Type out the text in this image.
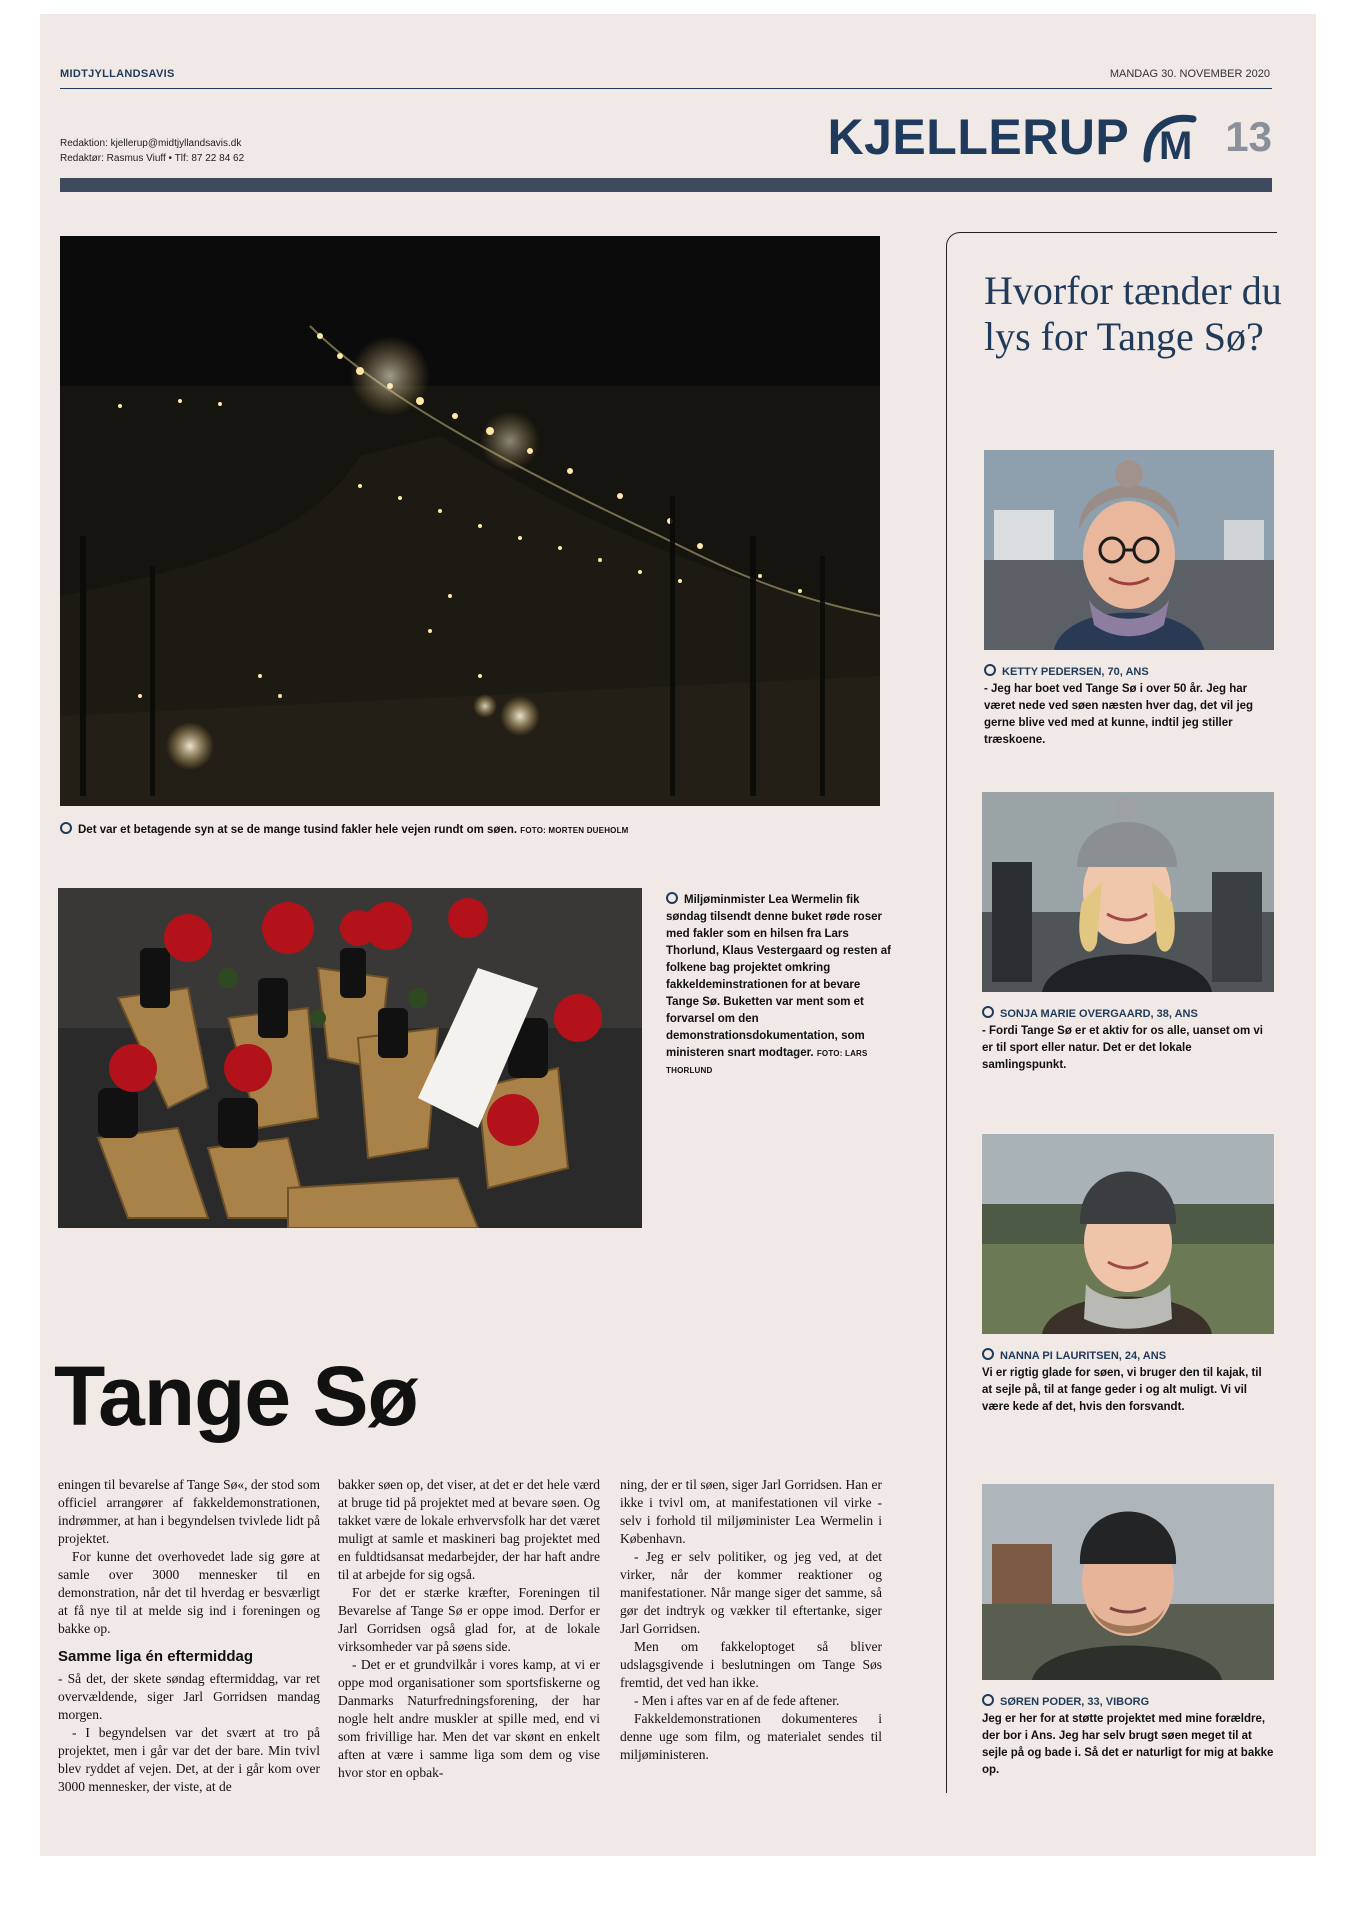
MIDTJYLLANDSAVIS	MANDAG 30. NOVEMBER 2020
Redaktion: kjellerup@midtjyllandsavis.dk
Redaktør: Rasmus Viuff • Tlf: 87 22 84 62	KJELLERUP M 13
Det var et betagende syn at se de mange tusind fakler hele vejen rundt om søen. FOTO: MORTEN DUEHOLM
Miljøminmister Lea Wermelin fik søndag tilsendt denne buket røde roser med fakler som en hilsen fra Lars Thorlund, Klaus Vestergaard og resten af folkene bag projektet omkring fakkeldeminstrationen for at bevare Tange Sø. Buketten var ment som et forvarsel om den demonstrationsdokumentation, som ministeren snart modtager. FOTO: LARS THORLUND
Hvorfor tænder du lys for Tange Sø?
KETTY PEDERSEN, 70, ANS
- Jeg har boet ved Tange Sø i over 50 år. Jeg har været nede ved søen næsten hver dag, det vil jeg gerne blive ved med at kunne, indtil jeg stiller træskoene.
SONJA MARIE OVERGAARD, 38, ANS
- Fordi Tange Sø er et aktiv for os alle, uanset om vi er til sport eller natur. Det er det lokale samlingspunkt.
NANNA PI LAURITSEN, 24, ANS
Vi er rigtig glade for søen, vi bruger den til kajak, til at sejle på, til at fange geder i og alt muligt. Vi vil være kede af det, hvis den forsvandt.
SØREN PODER, 33, VIBORG
Jeg er her for at støtte projektet med mine forældre, der bor i Ans. Jeg har selv brugt søen meget til at sejle på og bade i. Så det er naturligt for mig at bakke op.
Tange Sø

eningen til bevarelse af Tange Sø«, der stod som officiel arrangører af fakkeldemonstrationen, indrømmer, at han i begyndelsen tvivlede lidt på projektet.

For kunne det overhovedet lade sig gøre at samle over 3000 mennesker til en demonstration, når det til hverdag er besværligt at få nye til at melde sig ind i foreningen og bakke op.

Samme liga én eftermiddag

- Så det, der skete søndag eftermiddag, var ret overvældende, siger Jarl Gorridsen mandag morgen.

- I begyndelsen var det svært at tro på projektet, men i går var det der bare. Min tvivl blev ryddet af vejen. Det, at der i går kom over 3000 mennesker, der viste, at de

bakker søen op, det viser, at det er det hele værd at bruge tid på projektet med at bevare søen. Og takket være de lokale erhvervsfolk har det været muligt at samle et maskineri bag projektet med en fuldtidsansat medarbejder, der har haft andre til at arbejde for sig også.

For det er stærke kræfter, Foreningen til Bevarelse af Tange Sø er oppe imod. Derfor er Jarl Gorridsen også glad for, at de lokale virksomheder var på søens side.

- Det er et grundvilkår i vores kamp, at vi er oppe mod organisationer som sportsfiskerne og Danmarks Naturfredningsforening, der har nogle helt andre muskler at spille med, end vi som frivillige har. Men det var skønt en enkelt aften at være i samme liga som dem og vise hvor stor en opbak-

ning, der er til søen, siger Jarl Gorridsen. Han er ikke i tvivl om, at manifestationen vil virke - selv i forhold til miljøminister Lea Wermelin i København.

- Jeg er selv politiker, og jeg ved, at det virker, når der kommer reaktioner og manifestationer. Når mange siger det samme, så gør det indtryk og vækker til eftertanke, siger Jarl Gorridsen.

Men om fakkeloptoget så bliver udslagsgivende i beslutningen om Tange Søs fremtid, det ved han ikke.

- Men i aftes var en af de fede aftener.

Fakkeldemonstrationen dokumenteres i denne uge som film, og materialet sendes til miljøministeren.
